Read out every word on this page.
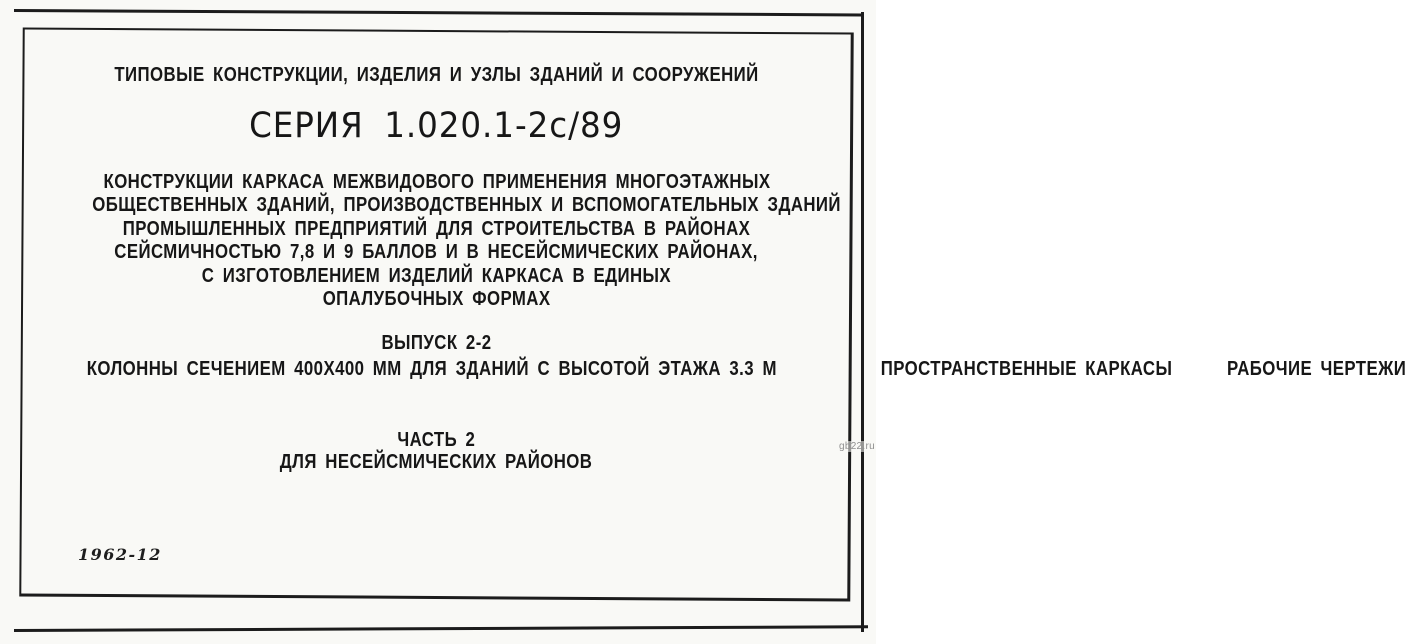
ТИПОВЫЕ КОНСТРУКЦИИ, ИЗДЕЛИЯ И УЗЛЫ ЗДАНИЙ И СООРУЖЕНИЙ
СЕРИЯ 1.020.1-2с/89
КОНСТРУКЦИИ КАРКАСА МЕЖВИДОВОГО ПРИМЕНЕНИЯ МНОГОЭТАЖНЫХ
ОБЩЕСТВЕННЫХ ЗДАНИЙ, ПРОИЗВОДСТВЕННЫХ И ВСПОМОГАТЕЛЬНЫХ ЗДАНИЙ
ПРОМЫШЛЕННЫХ ПРЕДПРИЯТИЙ ДЛЯ СТРОИТЕЛЬСТВА В РАЙОНАХ
СЕЙСМИЧНОСТЬЮ 7,8 И 9 БАЛЛОВ И В НЕСЕЙСМИЧЕСКИХ РАЙОНАХ,
С ИЗГОТОВЛЕНИЕМ ИЗДЕЛИЙ КАРКАСА В ЕДИНЫХ
ОПАЛУБОЧНЫХ ФОРМАХ
ВЫПУСК 2-2
КОЛОННЫ СЕЧЕНИЕМ 400Х400 ММ ДЛЯ ЗДАНИЙ С ВЫСОТОЙ ЭТАЖА 3.3 М	ПРОСТРАНСТВЕННЫЕ КАРКАСЫ	РАБОЧИЕ ЧЕРТЕЖИ
ЧАСТЬ 2
ДЛЯ НЕСЕЙСМИЧЕСКИХ РАЙОНОВ
1962-12
gb22.ru
